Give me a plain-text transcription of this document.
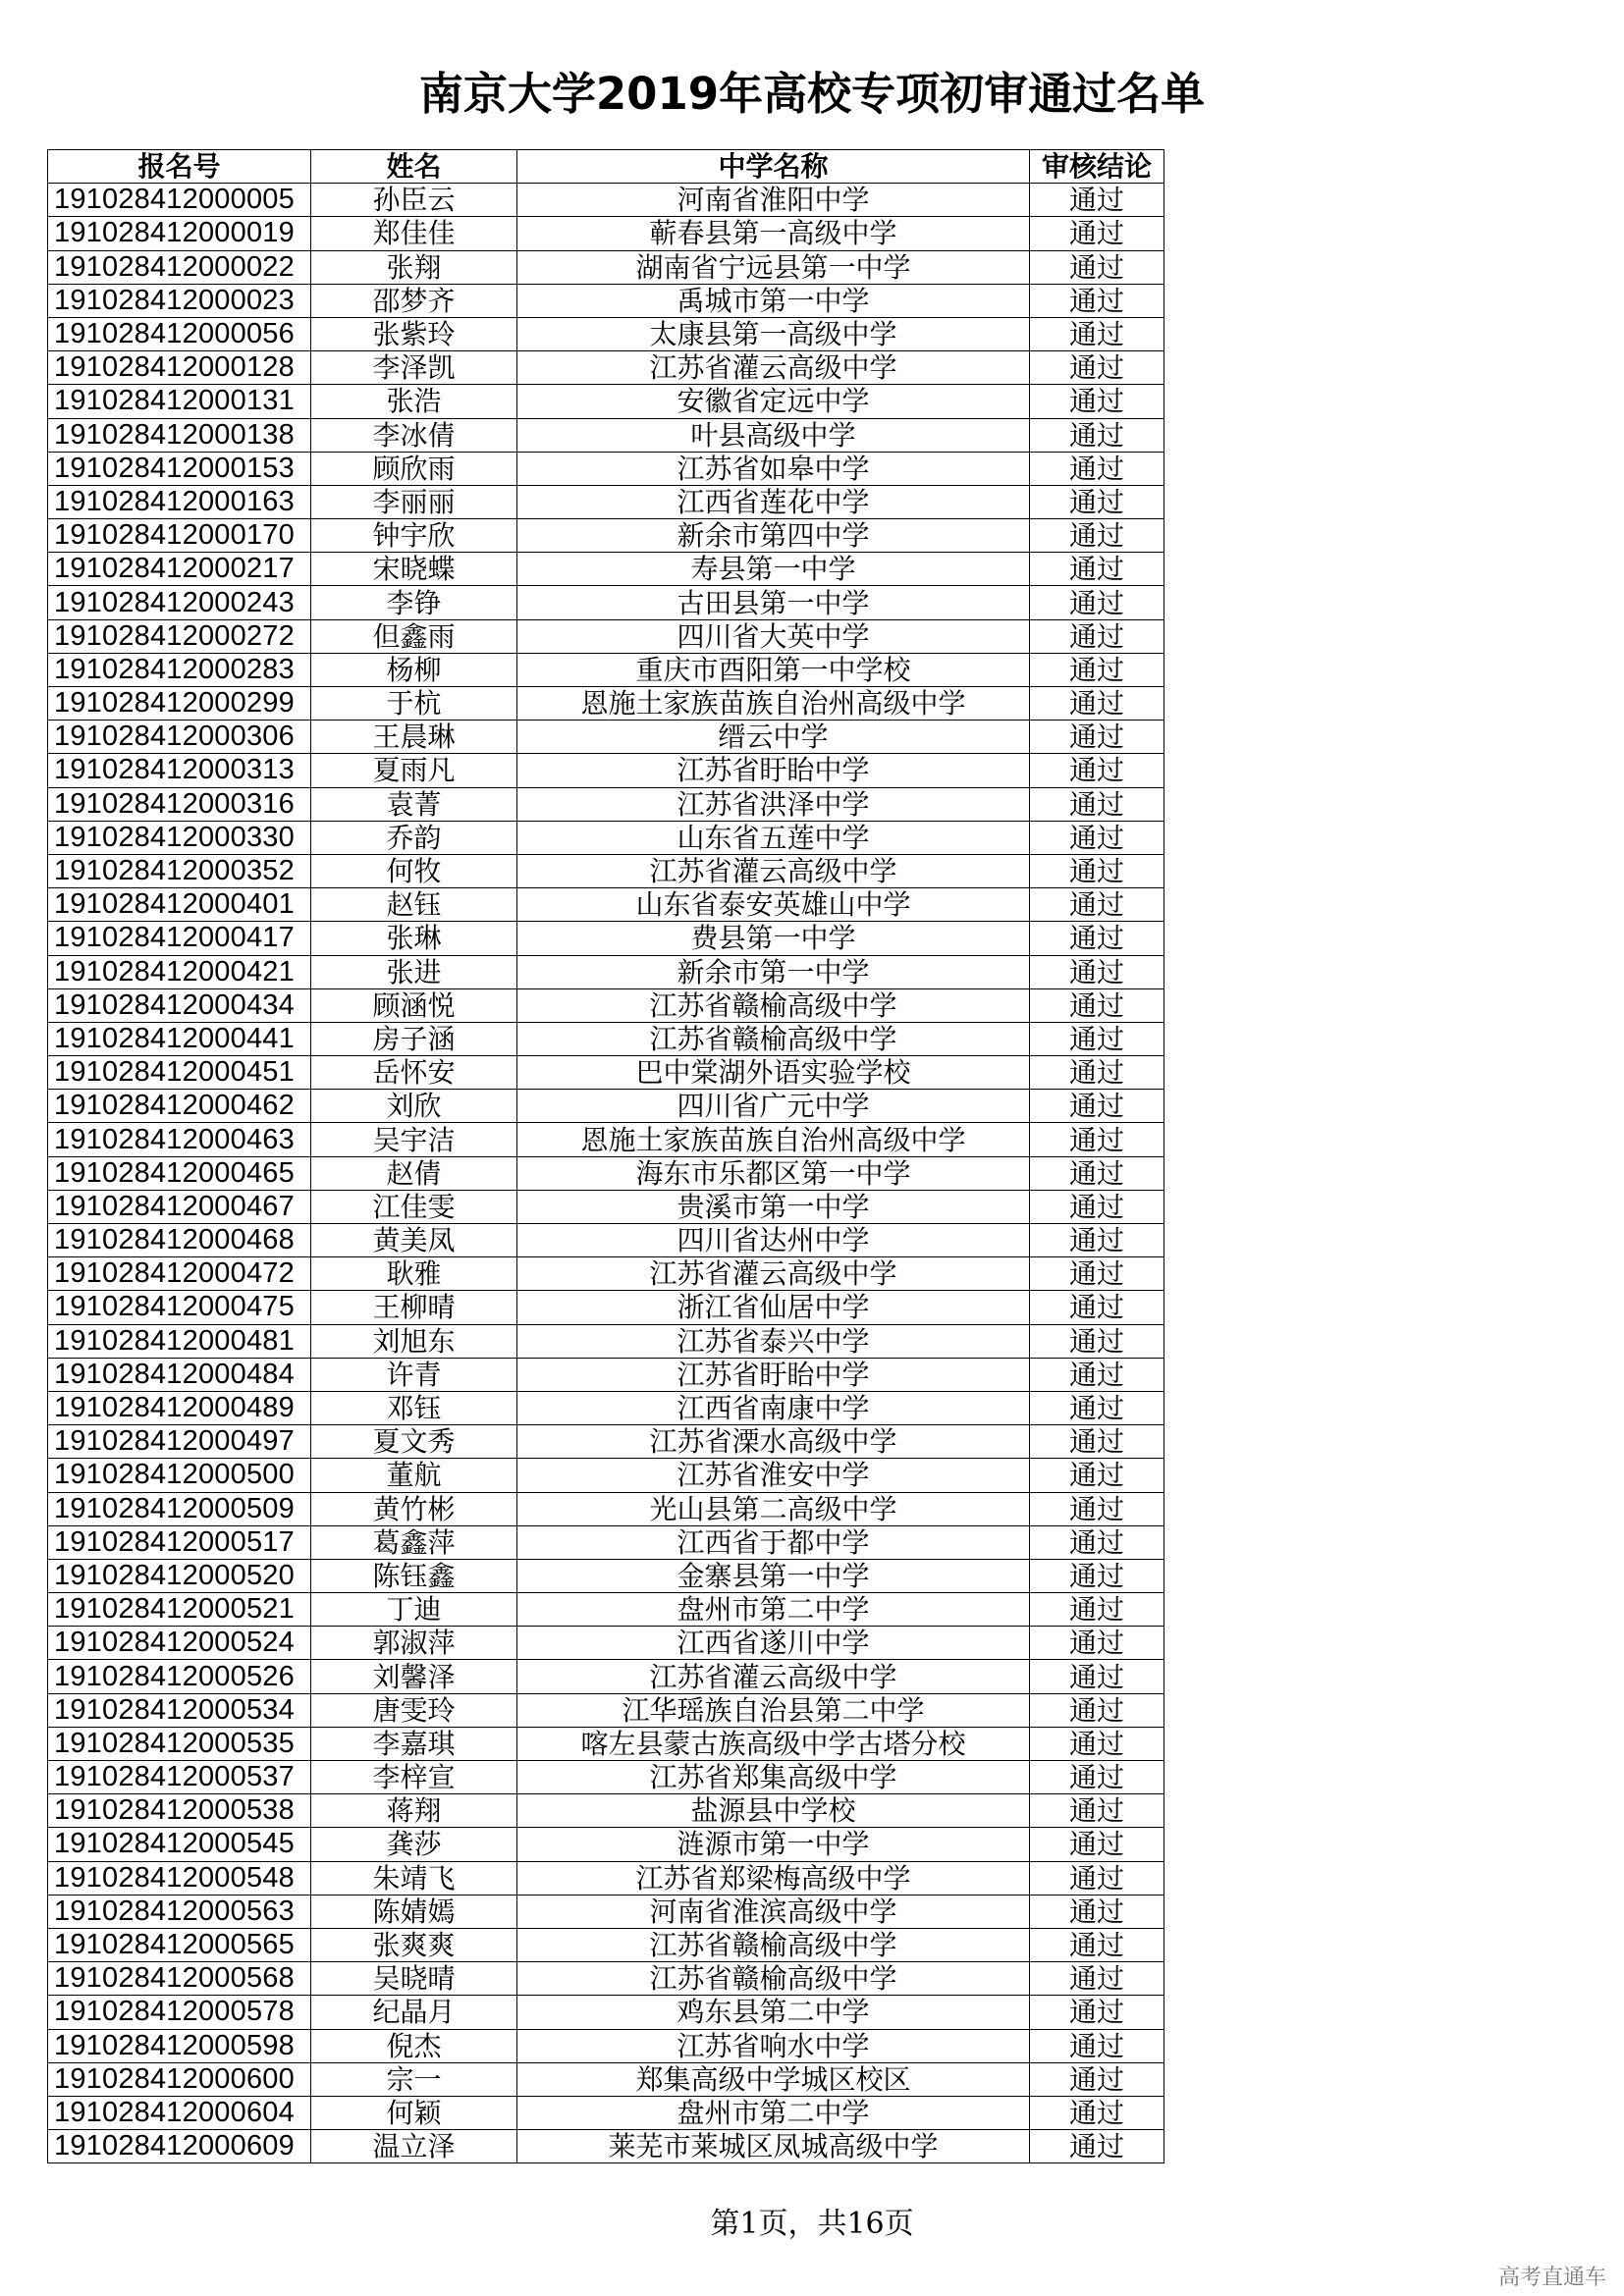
南京大学2019年高校专项初审通过名单
报名号	姓名	中学名称	审核结论
191028412000005	孙臣云	河南省淮阳中学	通过
191028412000019	郑佳佳	蕲春县第一高级中学	通过
191028412000022	张翔	湖南省宁远县第一中学	通过
191028412000023	邵梦齐	禹城市第一中学	通过
191028412000056	张紫玲	太康县第一高级中学	通过
191028412000128	李泽凯	江苏省灌云高级中学	通过
191028412000131	张浩	安徽省定远中学	通过
191028412000138	李冰倩	叶县高级中学	通过
191028412000153	顾欣雨	江苏省如皋中学	通过
191028412000163	李丽丽	江西省莲花中学	通过
191028412000170	钟宇欣	新余市第四中学	通过
191028412000217	宋晓蝶	寿县第一中学	通过
191028412000243	李铮	古田县第一中学	通过
191028412000272	但鑫雨	四川省大英中学	通过
191028412000283	杨柳	重庆市酉阳第一中学校	通过
191028412000299	于杭	恩施土家族苗族自治州高级中学	通过
191028412000306	王晨琳	缙云中学	通过
191028412000313	夏雨凡	江苏省盱眙中学	通过
191028412000316	袁菁	江苏省洪泽中学	通过
191028412000330	乔韵	山东省五莲中学	通过
191028412000352	何牧	江苏省灌云高级中学	通过
191028412000401	赵钰	山东省泰安英雄山中学	通过
191028412000417	张琳	费县第一中学	通过
191028412000421	张进	新余市第一中学	通过
191028412000434	顾涵悦	江苏省赣榆高级中学	通过
191028412000441	房子涵	江苏省赣榆高级中学	通过
191028412000451	岳怀安	巴中棠湖外语实验学校	通过
191028412000462	刘欣	四川省广元中学	通过
191028412000463	吴宇洁	恩施土家族苗族自治州高级中学	通过
191028412000465	赵倩	海东市乐都区第一中学	通过
191028412000467	江佳雯	贵溪市第一中学	通过
191028412000468	黄美凤	四川省达州中学	通过
191028412000472	耿雅	江苏省灌云高级中学	通过
191028412000475	王柳晴	浙江省仙居中学	通过
191028412000481	刘旭东	江苏省泰兴中学	通过
191028412000484	许青	江苏省盱眙中学	通过
191028412000489	邓钰	江西省南康中学	通过
191028412000497	夏文秀	江苏省溧水高级中学	通过
191028412000500	董航	江苏省淮安中学	通过
191028412000509	黄竹彬	光山县第二高级中学	通过
191028412000517	葛鑫萍	江西省于都中学	通过
191028412000520	陈钰鑫	金寨县第一中学	通过
191028412000521	丁迪	盘州市第二中学	通过
191028412000524	郭淑萍	江西省遂川中学	通过
191028412000526	刘馨泽	江苏省灌云高级中学	通过
191028412000534	唐雯玲	江华瑶族自治县第二中学	通过
191028412000535	李嘉琪	喀左县蒙古族高级中学古塔分校	通过
191028412000537	李梓宣	江苏省郑集高级中学	通过
191028412000538	蒋翔	盐源县中学校	通过
191028412000545	龚莎	涟源市第一中学	通过
191028412000548	朱靖飞	江苏省郑梁梅高级中学	通过
191028412000563	陈婧嫣	河南省淮滨高级中学	通过
191028412000565	张爽爽	江苏省赣榆高级中学	通过
191028412000568	吴晓晴	江苏省赣榆高级中学	通过
191028412000578	纪晶月	鸡东县第二中学	通过
191028412000598	倪杰	江苏省响水中学	通过
191028412000600	宗一	郑集高级中学城区校区	通过
191028412000604	何颖	盘州市第二中学	通过
191028412000609	温立泽	莱芜市莱城区凤城高级中学	通过
第1页，共16页
高考直通车
